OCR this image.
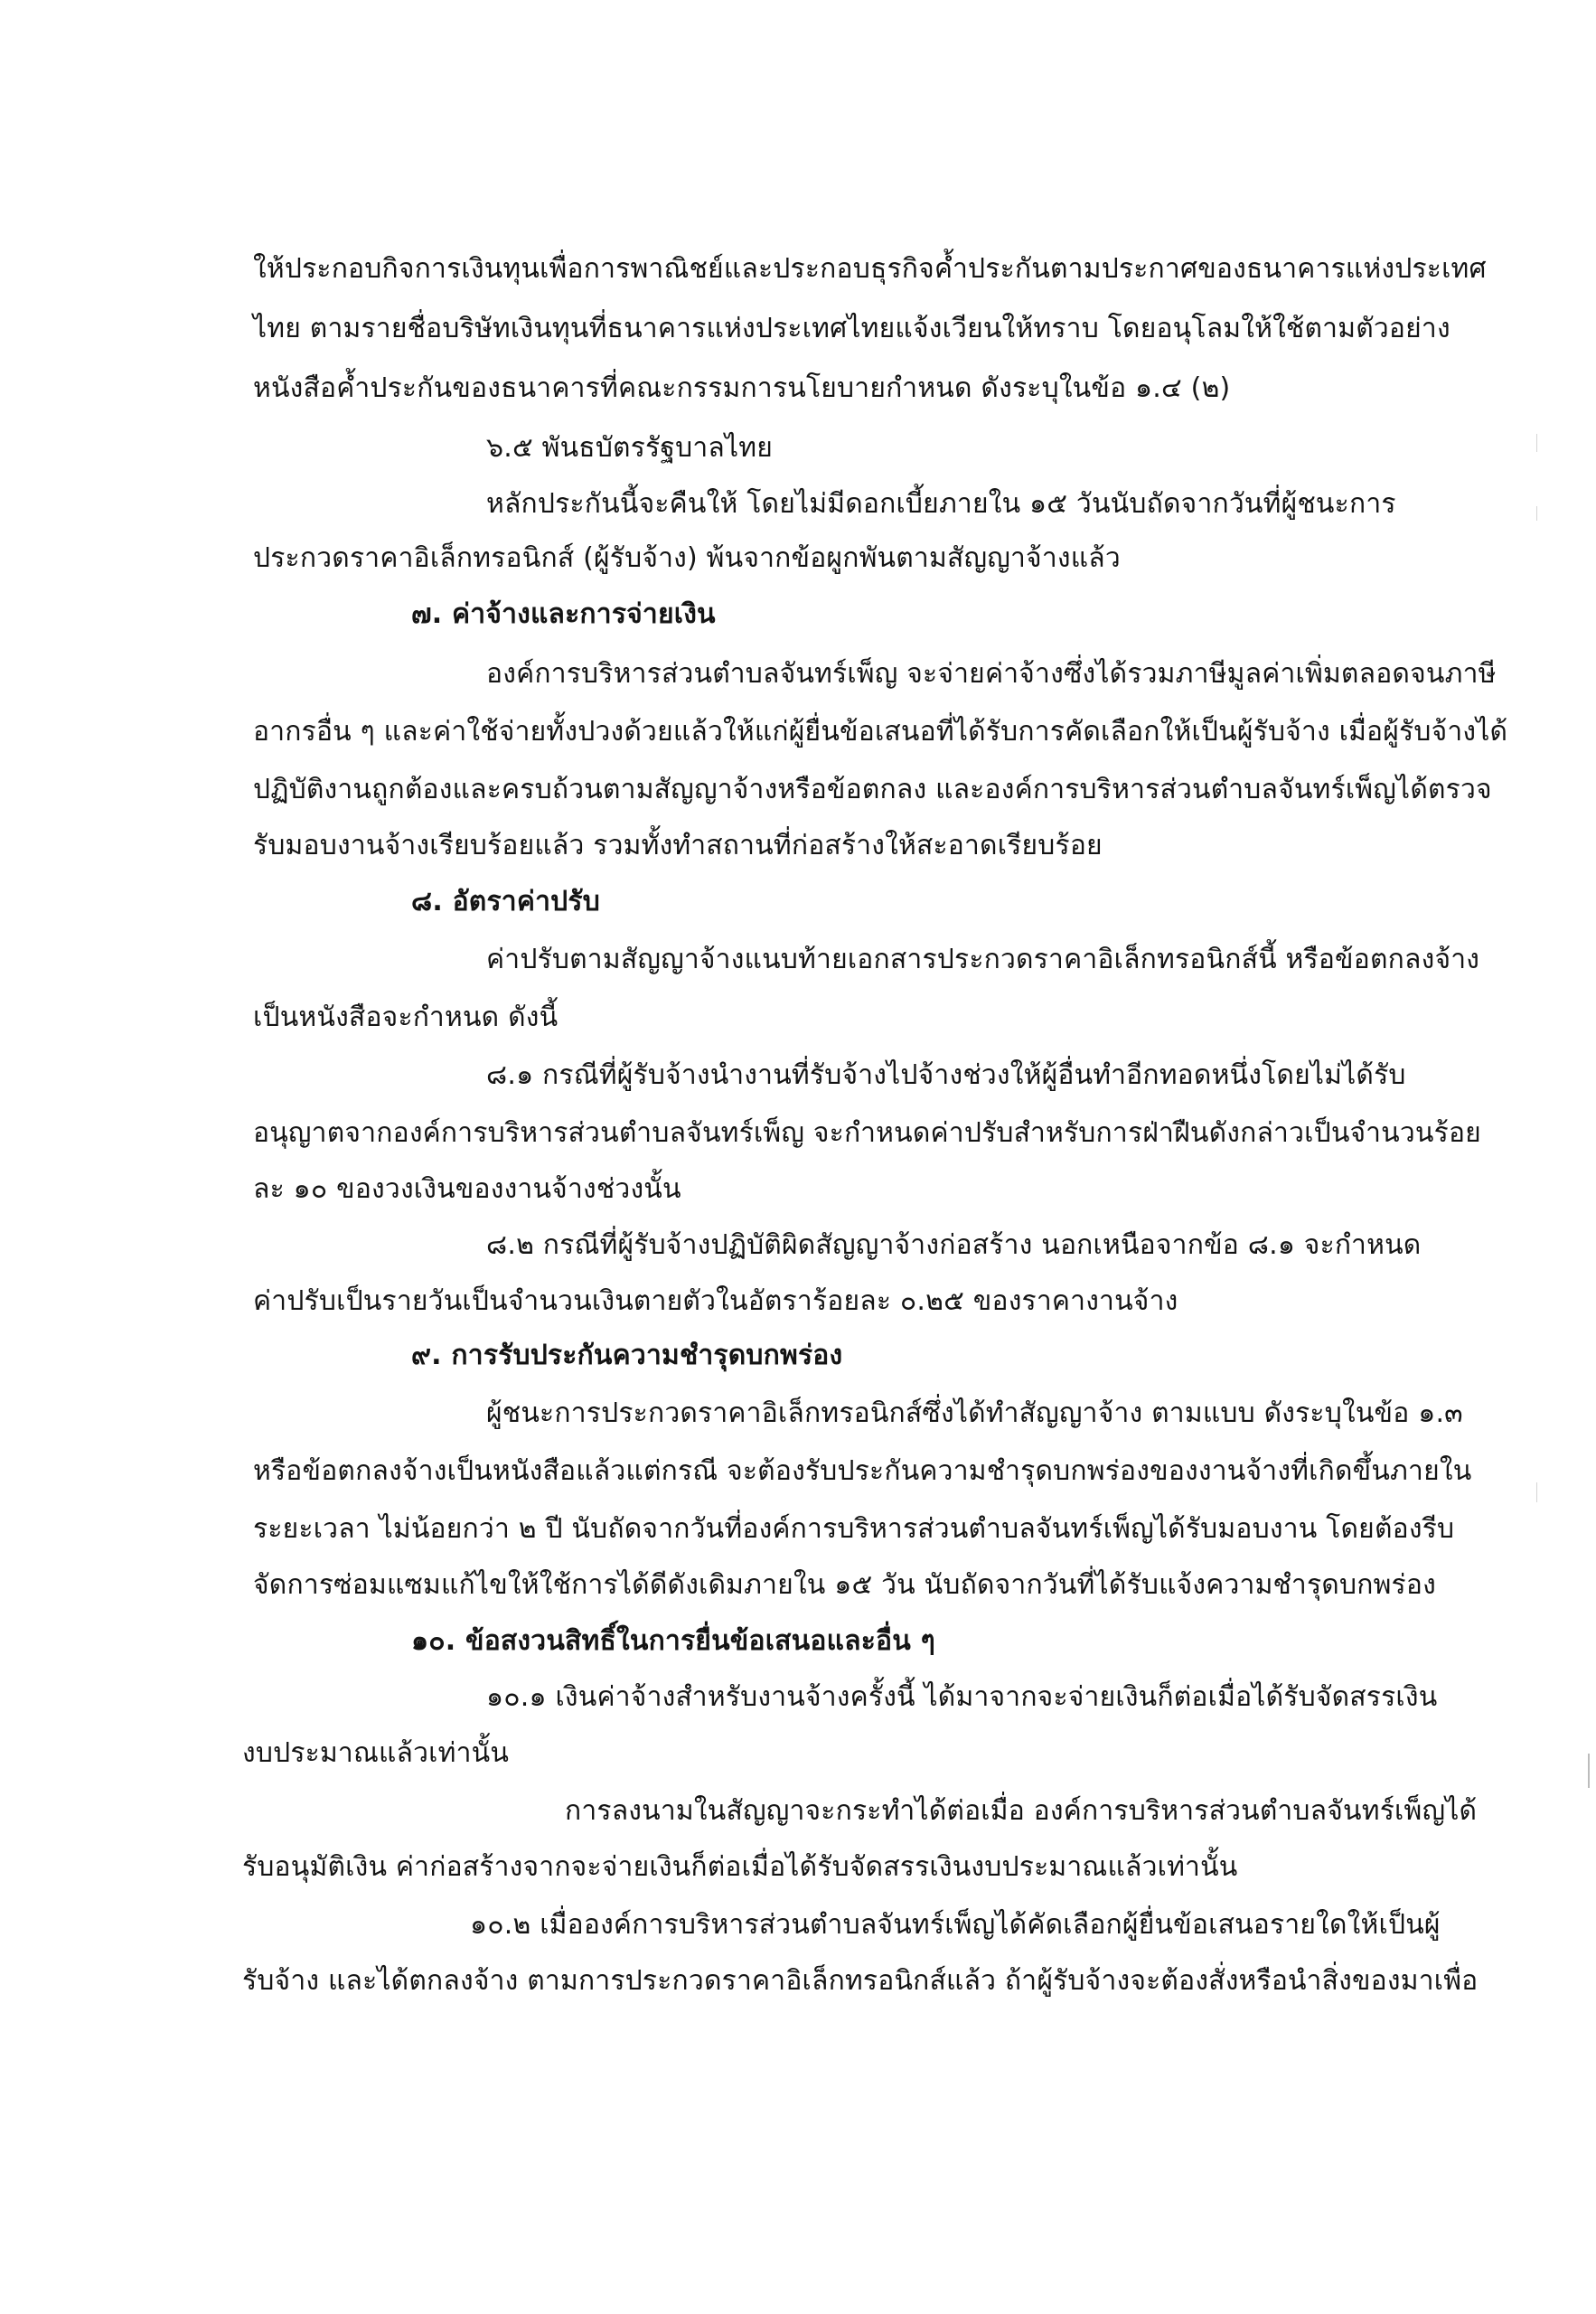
ให้ประกอบกิจการเงินทุนเพื่อการพาณิชย์และประกอบธุรกิจค้ำประกันตามประกาศของธนาคารแห่งประเทศ
ไทย ตามรายชื่อบริษัทเงินทุนที่ธนาคารแห่งประเทศไทยแจ้งเวียนให้ทราบ โดยอนุโลมให้ใช้ตามตัวอย่าง
หนังสือค้ำประกันของธนาคารที่คณะกรรมการนโยบายกำหนด ดังระบุในข้อ ๑.๔ (๒)
๖.๕ พันธบัตรรัฐบาลไทย
หลักประกันนี้จะคืนให้ โดยไม่มีดอกเบี้ยภายใน ๑๕ วันนับถัดจากวันที่ผู้ชนะการ
ประกวดราคาอิเล็กทรอนิกส์ (ผู้รับจ้าง) พ้นจากข้อผูกพันตามสัญญาจ้างแล้ว
๗. ค่าจ้างและการจ่ายเงิน
องค์การบริหารส่วนตำบลจันทร์เพ็ญ จะจ่ายค่าจ้างซึ่งได้รวมภาษีมูลค่าเพิ่มตลอดจนภาษี
อากรอื่น ๆ และค่าใช้จ่ายทั้งปวงด้วยแล้วให้แก่ผู้ยื่นข้อเสนอที่ได้รับการคัดเลือกให้เป็นผู้รับจ้าง เมื่อผู้รับจ้างได้
ปฏิบัติงานถูกต้องและครบถ้วนตามสัญญาจ้างหรือข้อตกลง และองค์การบริหารส่วนตำบลจันทร์เพ็ญได้ตรวจ
รับมอบงานจ้างเรียบร้อยแล้ว รวมทั้งทำสถานที่ก่อสร้างให้สะอาดเรียบร้อย
๘. อัตราค่าปรับ
ค่าปรับตามสัญญาจ้างแนบท้ายเอกสารประกวดราคาอิเล็กทรอนิกส์นี้ หรือข้อตกลงจ้าง
เป็นหนังสือจะกำหนด ดังนี้
๘.๑ กรณีที่ผู้รับจ้างนำงานที่รับจ้างไปจ้างช่วงให้ผู้อื่นทำอีกทอดหนึ่งโดยไม่ได้รับ
อนุญาตจากองค์การบริหารส่วนตำบลจันทร์เพ็ญ จะกำหนดค่าปรับสำหรับการฝ่าฝืนดังกล่าวเป็นจำนวนร้อย
ละ ๑๐ ของวงเงินของงานจ้างช่วงนั้น
๘.๒ กรณีที่ผู้รับจ้างปฏิบัติผิดสัญญาจ้างก่อสร้าง นอกเหนือจากข้อ ๘.๑ จะกำหนด
ค่าปรับเป็นรายวันเป็นจำนวนเงินตายตัวในอัตราร้อยละ ๐.๒๕ ของราคางานจ้าง
๙. การรับประกันความชำรุดบกพร่อง
ผู้ชนะการประกวดราคาอิเล็กทรอนิกส์ซึ่งได้ทำสัญญาจ้าง ตามแบบ ดังระบุในข้อ ๑.๓
หรือข้อตกลงจ้างเป็นหนังสือแล้วแต่กรณี จะต้องรับประกันความชำรุดบกพร่องของงานจ้างที่เกิดขึ้นภายใน
ระยะเวลา ไม่น้อยกว่า ๒ ปี นับถัดจากวันที่องค์การบริหารส่วนตำบลจันทร์เพ็ญได้รับมอบงาน โดยต้องรีบ
จัดการซ่อมแซมแก้ไขให้ใช้การได้ดีดังเดิมภายใน ๑๕ วัน นับถัดจากวันที่ได้รับแจ้งความชำรุดบกพร่อง
๑๐. ข้อสงวนสิทธิ์ในการยื่นข้อเสนอและอื่น ๆ
๑๐.๑ เงินค่าจ้างสำหรับงานจ้างครั้งนี้ ได้มาจากจะจ่ายเงินก็ต่อเมื่อได้รับจัดสรรเงิน
งบประมาณแล้วเท่านั้น
การลงนามในสัญญาจะกระทำได้ต่อเมื่อ องค์การบริหารส่วนตำบลจันทร์เพ็ญได้
รับอนุมัติเงิน ค่าก่อสร้างจากจะจ่ายเงินก็ต่อเมื่อได้รับจัดสรรเงินงบประมาณแล้วเท่านั้น
๑๐.๒ เมื่อองค์การบริหารส่วนตำบลจันทร์เพ็ญได้คัดเลือกผู้ยื่นข้อเสนอรายใดให้เป็นผู้
รับจ้าง และได้ตกลงจ้าง ตามการประกวดราคาอิเล็กทรอนิกส์แล้ว ถ้าผู้รับจ้างจะต้องสั่งหรือนำสิ่งของมาเพื่อ
